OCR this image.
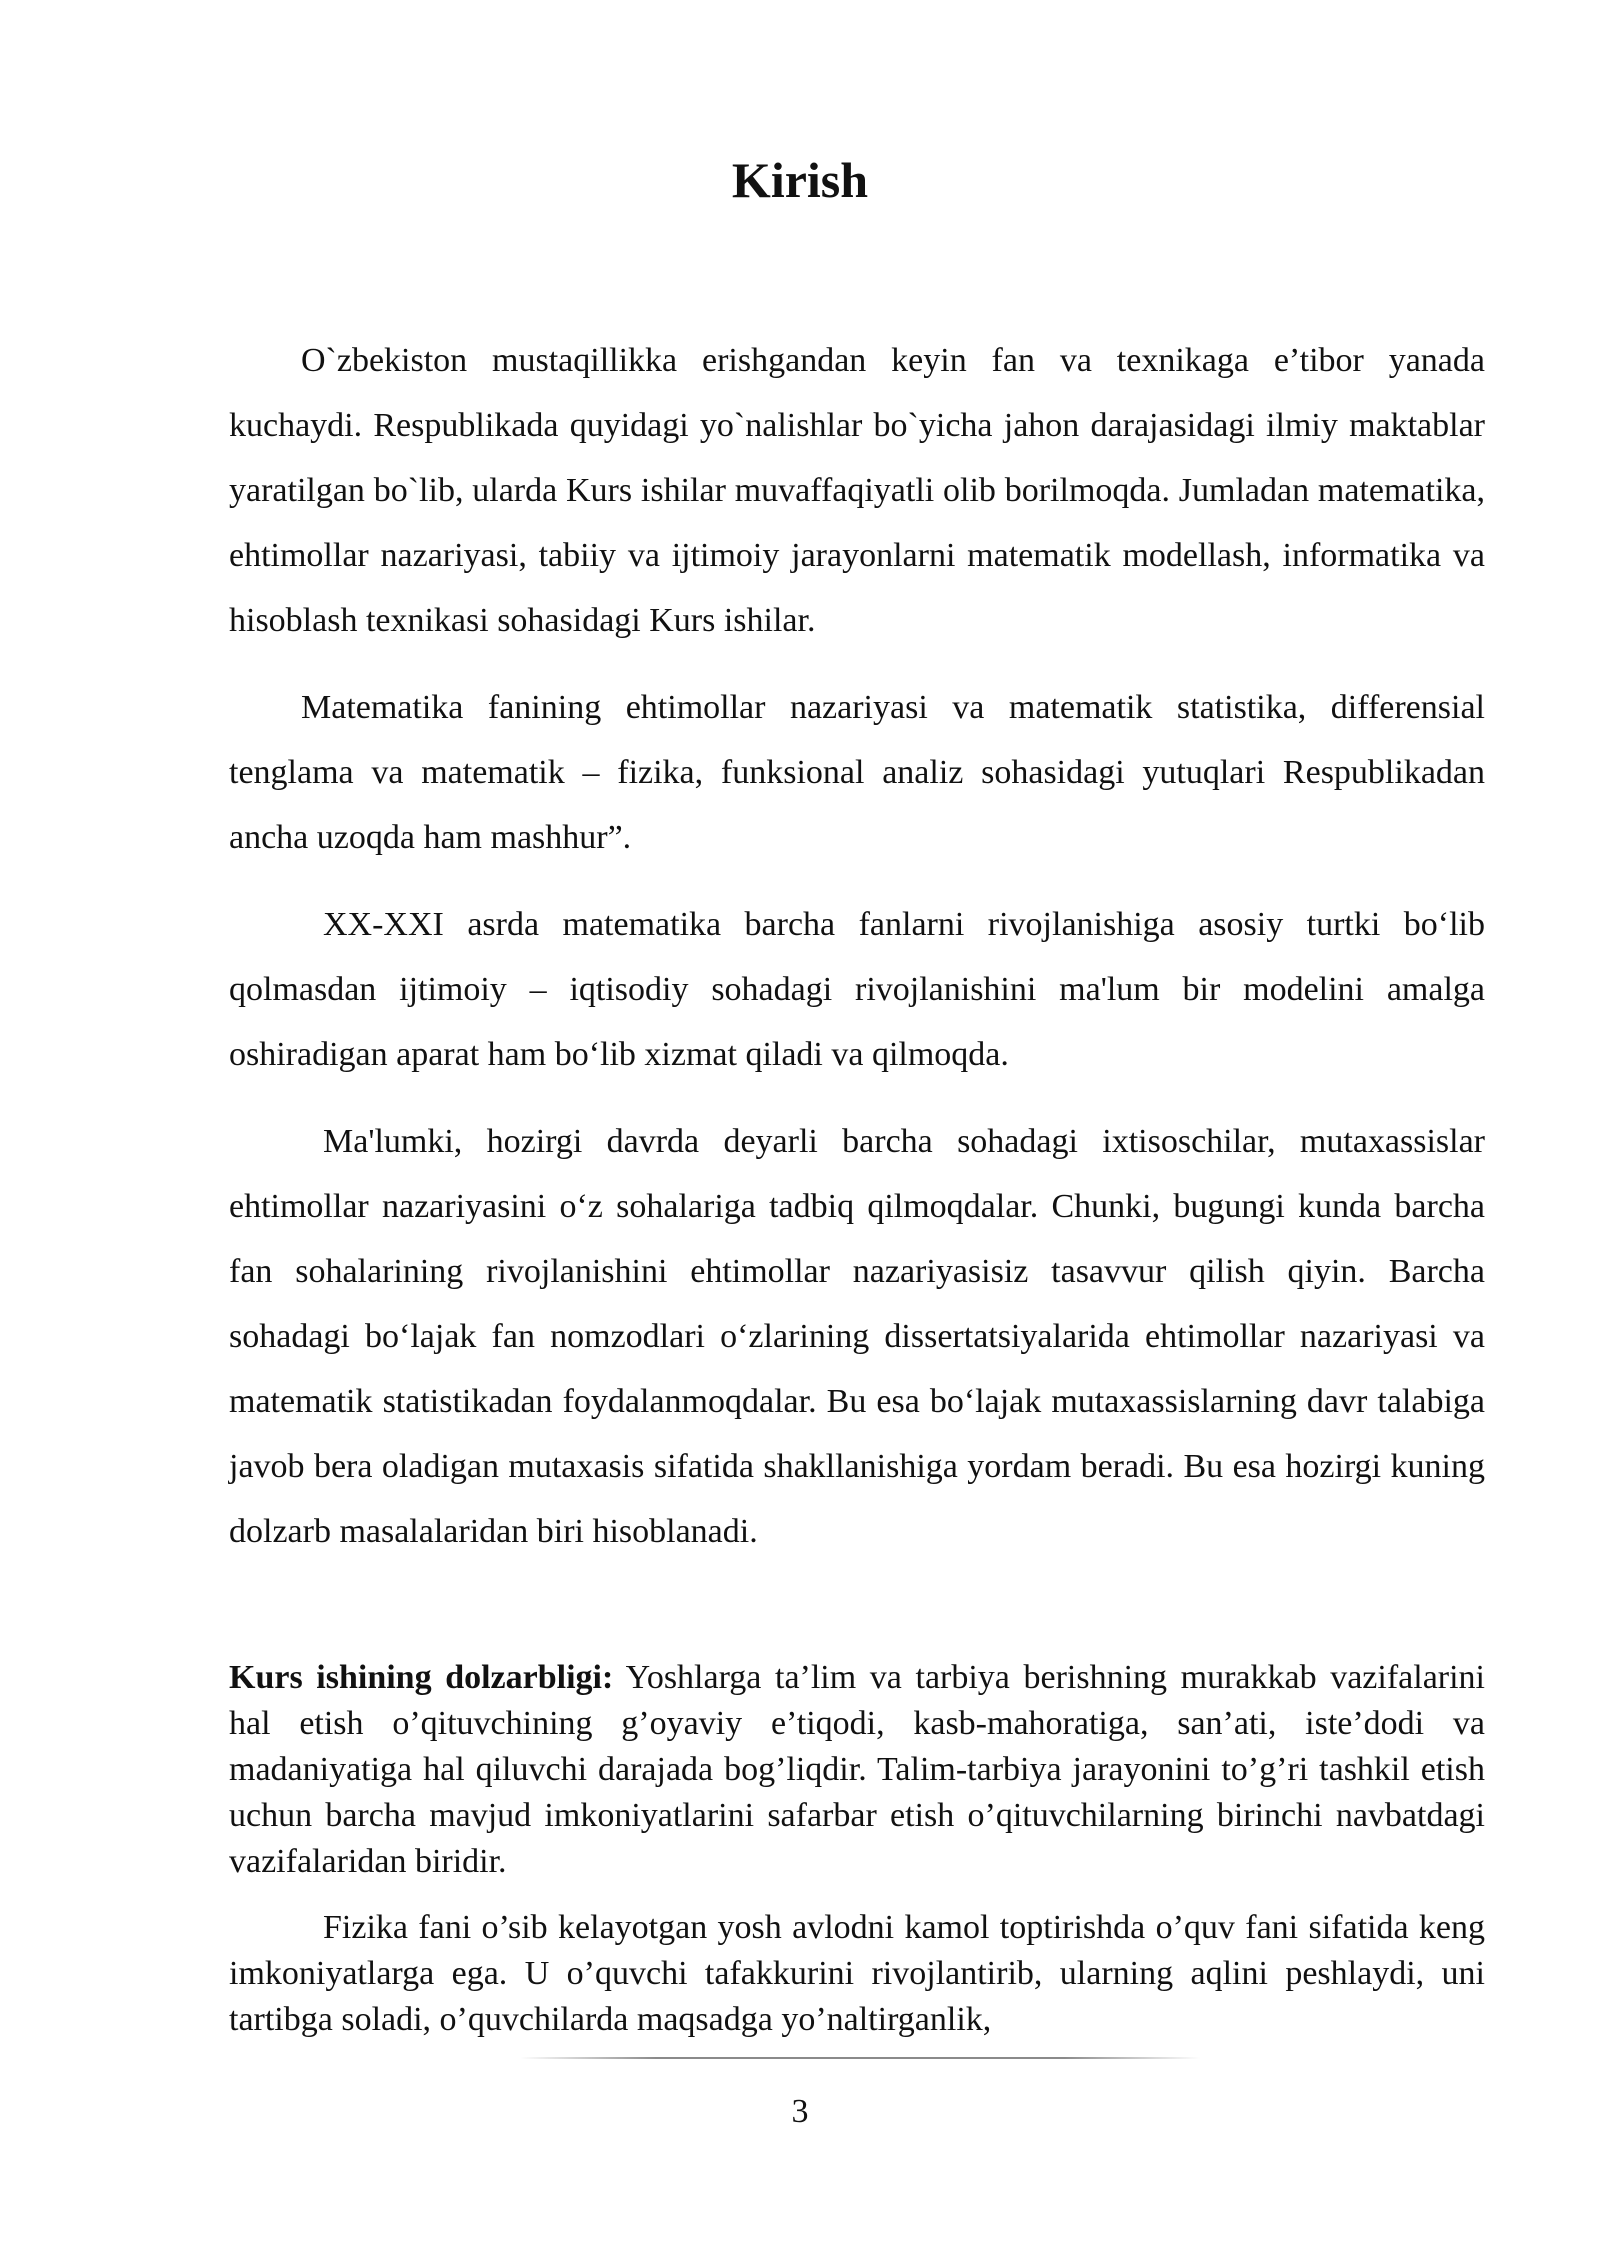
Kirish

O`zbekiston mustaqillikka erishgandan keyin fan va texnikaga e’tibor yanada kuchaydi. Respublikada quyidagi yo`nalishlar bo`yicha jahon darajasidagi ilmiy maktablar yaratilgan bo`lib, ularda Kurs ishilar muvaffaqiyatli olib borilmoqda. Jumladan matematika, ehtimollar nazariyasi, tabiiy va ijtimoiy jarayonlarni matematik modellash, informatika va hisoblash texnikasi sohasidagi Kurs ishilar.

Matematika fanining ehtimollar nazariyasi va matematik statistika, differensial tenglama va matematik – fizika, funksional analiz sohasidagi yutuqlari Respublikadan ancha uzoqda ham mashhur”.

XX-XXI asrda matematika barcha fanlarni rivojlanishiga asosiy turtki bo‘lib qolmasdan ijtimoiy – iqtisodiy sohadagi rivojlanishini ma'lum bir modelini amalga oshiradigan aparat ham bo‘lib xizmat qiladi va qilmoqda.

Ma'lumki, hozirgi davrda deyarli barcha sohadagi ixtisoschilar, mutaxassislar ehtimollar nazariyasini o‘z sohalariga tadbiq qilmoqdalar. Chunki, bugungi kunda barcha fan sohalarining rivojlanishini ehtimollar nazariyasisiz tasavvur qilish qiyin. Barcha sohadagi bo‘lajak fan nomzodlari o‘zlarining dissertatsiyalarida ehtimollar nazariyasi va matematik statistikadan foydalanmoqdalar. Bu esa bo‘lajak mutaxassislarning davr talabiga javob bera oladigan mutaxasis sifatida shakllanishiga yordam beradi. Bu esa hozirgi kuning dolzarb masalalaridan biri hisoblanadi.

Kurs ishining dolzarbligi: Yoshlarga ta’lim va tarbiya berishning murakkab vazifalarini hal etish o’qituvchining g’oyaviy e’tiqodi, kasb-mahoratiga, san’ati, iste’dodi va madaniyatiga hal qiluvchi darajada bog’liqdir. Talim-tarbiya jarayonini to’g’ri tashkil etish uchun barcha mavjud imkoniyatlarini safarbar etish o’qituvchilarning birinchi navbatdagi vazifalaridan biridir.

Fizika fani o’sib kelayotgan yosh avlodni kamol toptirishda o’quv fani sifatida keng imkoniyatlarga ega. U o’quvchi tafakkurini rivojlantirib, ularning aqlini peshlaydi, uni tartibga soladi, o’quvchilarda maqsadga yo’naltirganlik,

3
